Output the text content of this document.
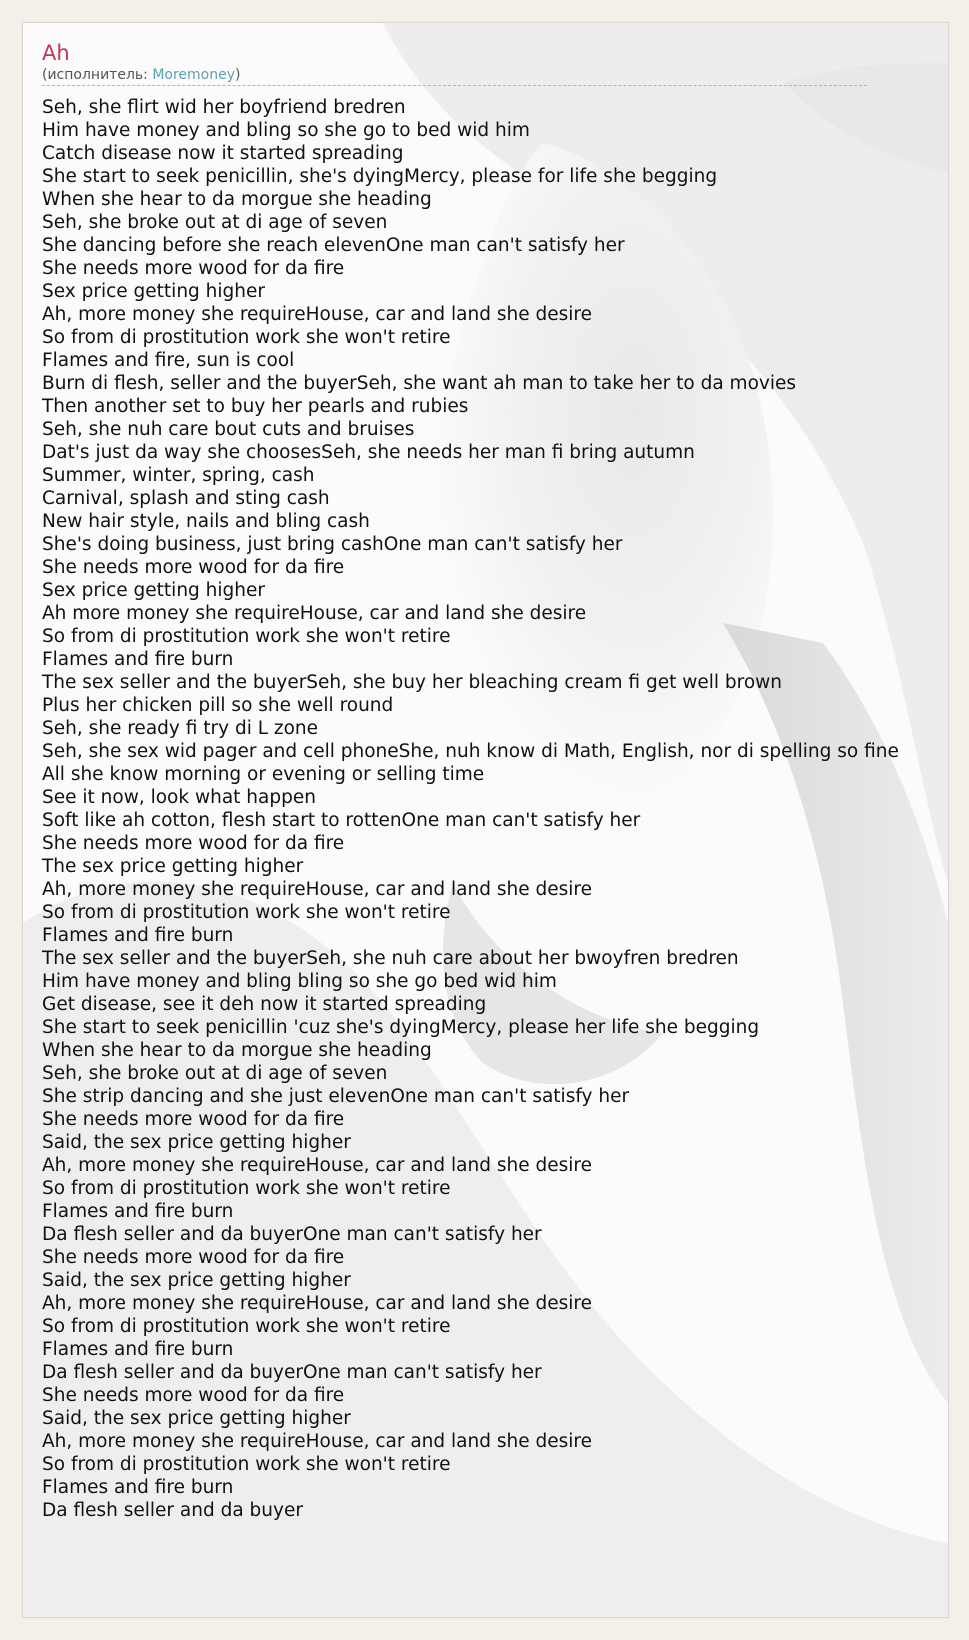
Ah
(исполнитель: Moremoney)
Seh, she flirt wid her boyfriend bredren
Him have money and bling so she go to bed wid him
Catch disease now it started spreading
She start to seek penicillin, she's dyingMercy, please for life she begging
When she hear to da morgue she heading
Seh, she broke out at di age of seven
She dancing before she reach elevenOne man can't satisfy her
She needs more wood for da fire
Sex price getting higher
Ah, more money she requireHouse, car and land she desire
So from di prostitution work she won't retire
Flames and fire, sun is cool
Burn di flesh, seller and the buyerSeh, she want ah man to take her to da movies
Then another set to buy her pearls and rubies
Seh, she nuh care bout cuts and bruises
Dat's just da way she choosesSeh, she needs her man fi bring autumn
Summer, winter, spring, cash
Carnival, splash and sting cash
New hair style, nails and bling cash
She's doing business, just bring cashOne man can't satisfy her
She needs more wood for da fire
Sex price getting higher
Ah more money she requireHouse, car and land she desire
So from di prostitution work she won't retire
Flames and fire burn
The sex seller and the buyerSeh, she buy her bleaching cream fi get well brown
Plus her chicken pill so she well round
Seh, she ready fi try di L zone
Seh, she sex wid pager and cell phoneShe, nuh know di Math, English, nor di spelling so fine
All she know morning or evening or selling time
See it now, look what happen
Soft like ah cotton, flesh start to rottenOne man can't satisfy her
She needs more wood for da fire
The sex price getting higher
Ah, more money she requireHouse, car and land she desire
So from di prostitution work she won't retire
Flames and fire burn
The sex seller and the buyerSeh, she nuh care about her bwoyfren bredren
Him have money and bling bling so she go bed wid him
Get disease, see it deh now it started spreading
She start to seek penicillin 'cuz she's dyingMercy, please her life she begging
When she hear to da morgue she heading
Seh, she broke out at di age of seven
She strip dancing and she just elevenOne man can't satisfy her
She needs more wood for da fire
Said, the sex price getting higher
Ah, more money she requireHouse, car and land she desire
So from di prostitution work she won't retire
Flames and fire burn
Da flesh seller and da buyerOne man can't satisfy her
She needs more wood for da fire
Said, the sex price getting higher
Ah, more money she requireHouse, car and land she desire
So from di prostitution work she won't retire
Flames and fire burn
Da flesh seller and da buyerOne man can't satisfy her
She needs more wood for da fire
Said, the sex price getting higher
Ah, more money she requireHouse, car and land she desire
So from di prostitution work she won't retire
Flames and fire burn
Da flesh seller and da buyer
